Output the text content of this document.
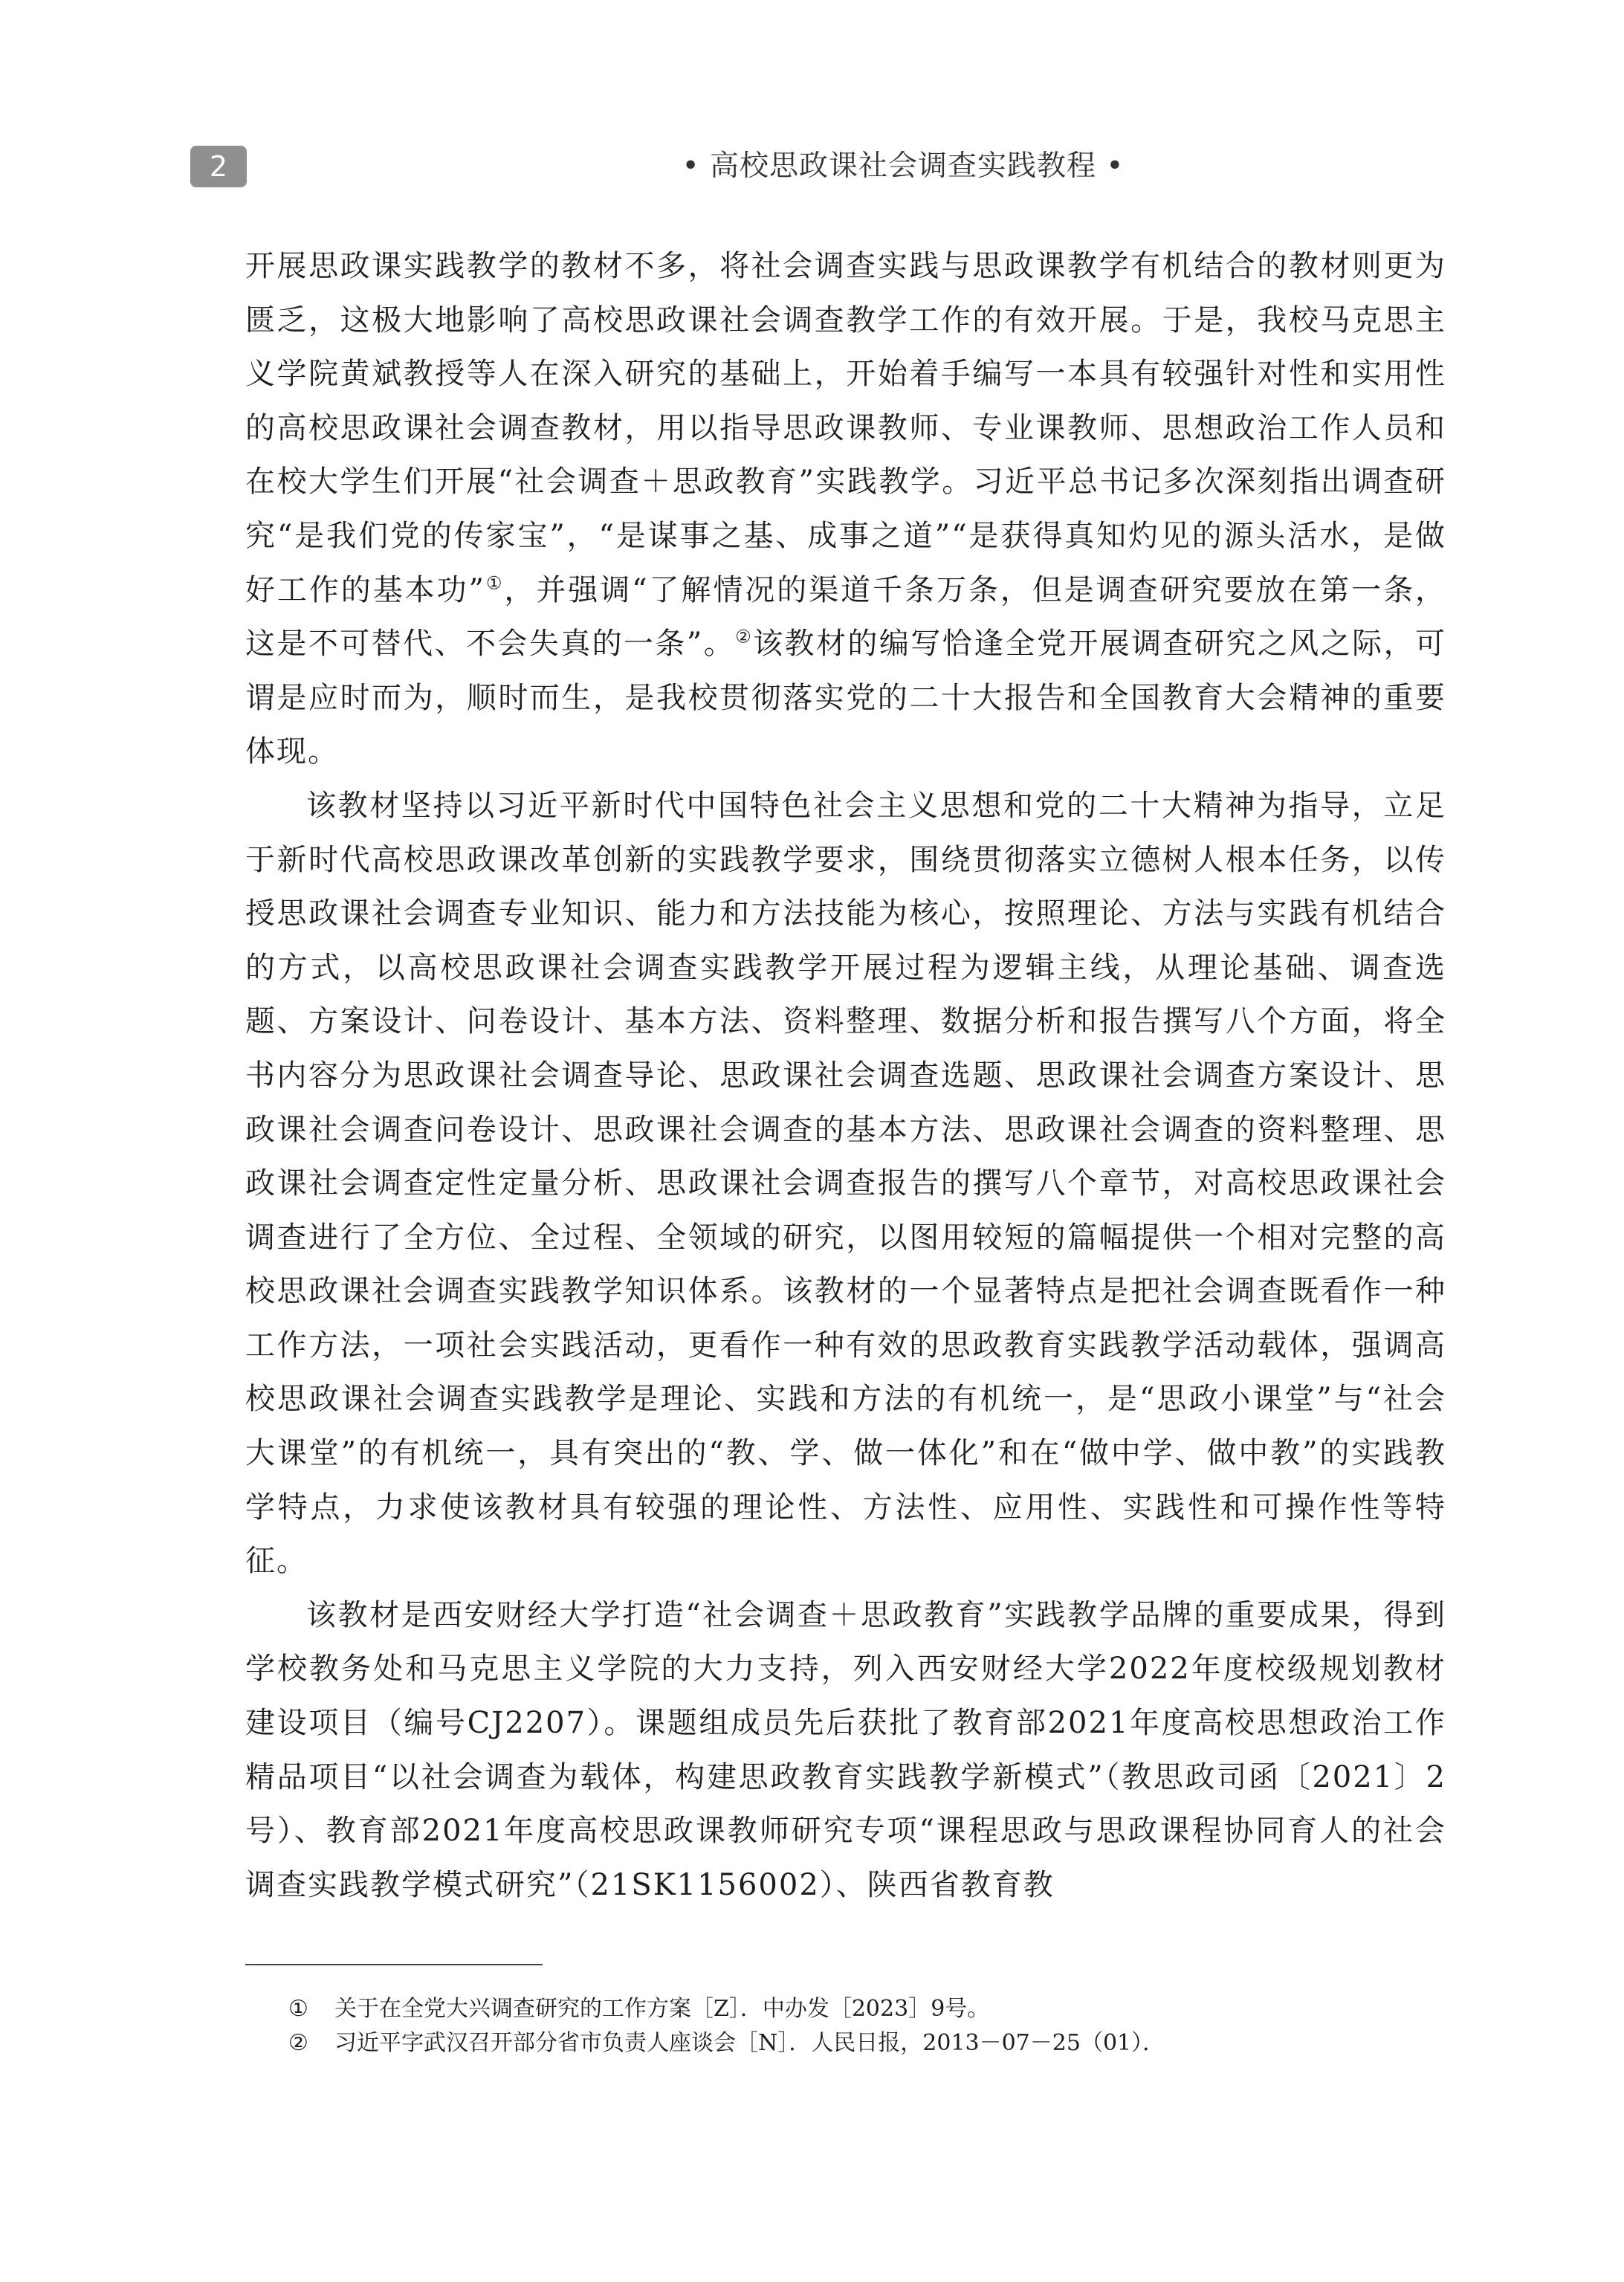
2	• 高校思政课社会调查实践教程 •

开展思政课实践教学的教材不多，将社会调查实践与思政课教学有机结合的教材则更为匮乏，这极大地影响了高校思政课社会调查教学工作的有效开展。于是，我校马克思主义学院黄斌教授等人在深入研究的基础上，开始着手编写一本具有较强针对性和实用性的高校思政课社会调查教材，用以指导思政课教师、专业课教师、思想政治工作人员和在校大学生们开展“社会调查＋思政教育”实践教学。习近平总书记多次深刻指出调查研究“是我们党的传家宝”，“是谋事之基、成事之道”“是获得真知灼见的源头活水，是做好工作的基本功”①，并强调“了解情况的渠道千条万条，但是调查研究要放在第一条，这是不可替代、不会失真的一条”。②该教材的编写恰逢全党开展调查研究之风之际，可谓是应时而为，顺时而生，是我校贯彻落实党的二十大报告和全国教育大会精神的重要体现。

该教材坚持以习近平新时代中国特色社会主义思想和党的二十大精神为指导，立足于新时代高校思政课改革创新的实践教学要求，围绕贯彻落实立德树人根本任务，以传授思政课社会调查专业知识、能力和方法技能为核心，按照理论、方法与实践有机结合的方式，以高校思政课社会调查实践教学开展过程为逻辑主线，从理论基础、调查选题、方案设计、问卷设计、基本方法、资料整理、数据分析和报告撰写八个方面，将全书内容分为思政课社会调查导论、思政课社会调查选题、思政课社会调查方案设计、思政课社会调查问卷设计、思政课社会调查的基本方法、思政课社会调查的资料整理、思政课社会调查定性定量分析、思政课社会调查报告的撰写八个章节，对高校思政课社会调查进行了全方位、全过程、全领域的研究，以图用较短的篇幅提供一个相对完整的高校思政课社会调查实践教学知识体系。该教材的一个显著特点是把社会调查既看作一种工作方法，一项社会实践活动，更看作一种有效的思政教育实践教学活动载体，强调高校思政课社会调查实践教学是理论、实践和方法的有机统一，是“思政小课堂”与“社会大课堂”的有机统一，具有突出的“教、学、做一体化”和在“做中学、做中教”的实践教学特点，力求使该教材具有较强的理论性、方法性、应用性、实践性和可操作性等特征。

该教材是西安财经大学打造“社会调查＋思政教育”实践教学品牌的重要成果，得到学校教务处和马克思主义学院的大力支持，列入西安财经大学2022年度校级规划教材建设项目（编号CJ2207）。课题组成员先后获批了教育部2021年度高校思想政治工作精品项目“以社会调查为载体，构建思政教育实践教学新模式”（教思政司函〔2021〕2号）、教育部2021年度高校思政课教师研究专项“课程思政与思政课程协同育人的社会调查实践教学模式研究”（21SK1156002）、陕西省教育教

① 关于在全党大兴调查研究的工作方案［Z］．中办发［2023］9号。

② 习近平字武汉召开部分省市负责人座谈会［N］．人民日报，2013－07－25（01）．
